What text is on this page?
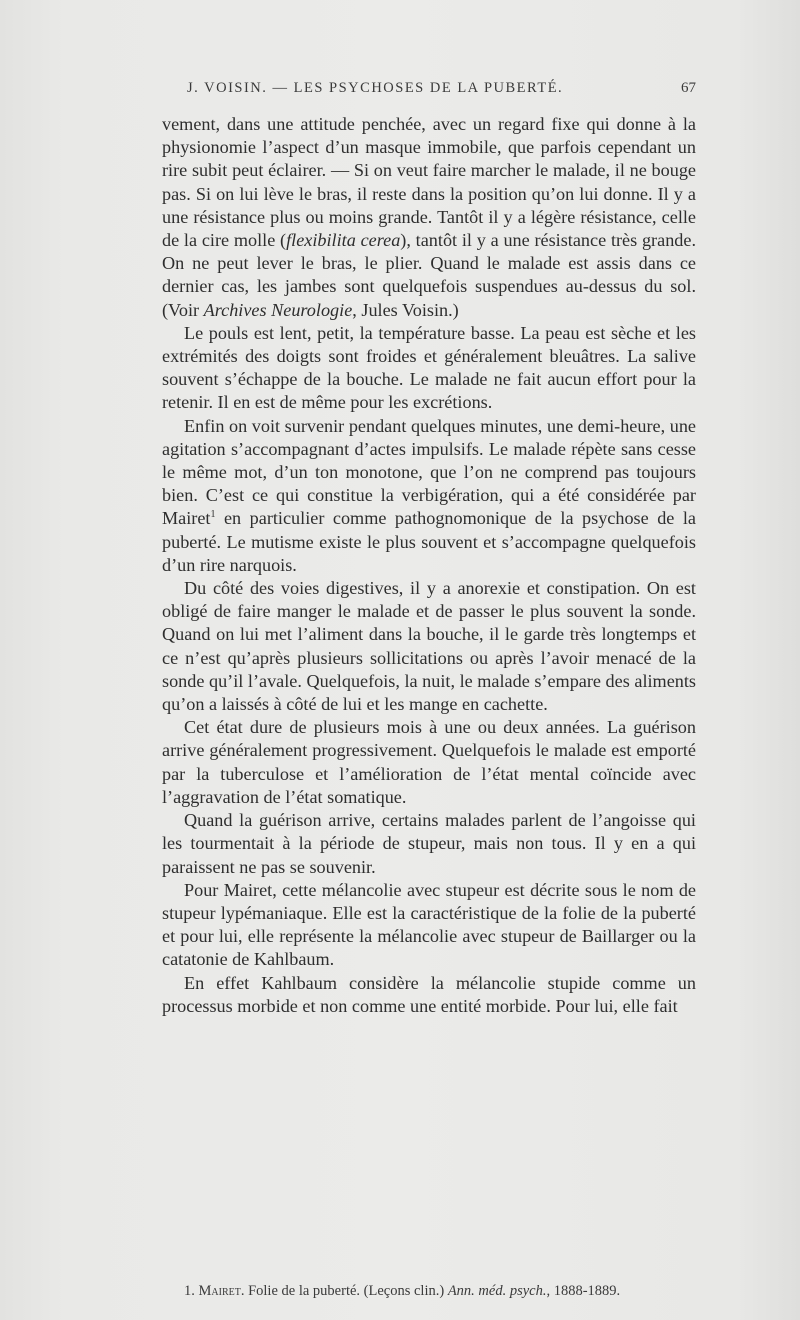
J. VOISIN. — LES PSYCHOSES DE LA PUBERTÉ.	67

vement, dans une attitude penchée, avec un regard fixe qui donne à la physionomie l’aspect d’un masque immobile, que parfois cependant un rire subit peut éclairer. — Si on veut faire marcher le malade, il ne bouge pas. Si on lui lève le bras, il reste dans la position qu’on lui donne. Il y a une résistance plus ou moins grande. Tantôt il y a légère résistance, celle de la cire molle (flexibilita cerea), tantôt il y a une résistance très grande. On ne peut lever le bras, le plier. Quand le malade est assis dans ce dernier cas, les jambes sont quelquefois suspendues au-dessus du sol. (Voir Archives Neurologie, Jules Voisin.)

Le pouls est lent, petit, la température basse. La peau est sèche et les extrémités des doigts sont froides et généralement bleuâtres. La salive souvent s’échappe de la bouche. Le malade ne fait aucun effort pour la retenir. Il en est de même pour les excrétions.

Enfin on voit survenir pendant quelques minutes, une demi-heure, une agitation s’accompagnant d’actes impulsifs. Le malade répète sans cesse le même mot, d’un ton monotone, que l’on ne comprend pas toujours bien. C’est ce qui constitue la verbigération, qui a été considérée par Mairet$^1$ en particulier comme pathognomonique de la psychose de la puberté. Le mutisme existe le plus souvent et s’accompagne quelquefois d’un rire narquois.

Du côté des voies digestives, il y a anorexie et constipation. On est obligé de faire manger le malade et de passer le plus souvent la sonde. Quand on lui met l’aliment dans la bouche, il le garde très longtemps et ce n’est qu’après plusieurs sollicitations ou après l’avoir menacé de la sonde qu’il l’avale. Quelquefois, la nuit, le malade s’empare des aliments qu’on a laissés à côté de lui et les mange en cachette.

Cet état dure de plusieurs mois à une ou deux années. La guérison arrive généralement progressivement. Quelquefois le malade est emporté par la tuberculose et l’amélioration de l’état mental coïncide avec l’aggravation de l’état somatique.

Quand la guérison arrive, certains malades parlent de l’angoisse qui les tourmentait à la période de stupeur, mais non tous. Il y en a qui paraissent ne pas se souvenir.

Pour Mairet, cette mélancolie avec stupeur est décrite sous le nom de stupeur lypémaniaque. Elle est la caractéristique de la folie de la puberté et pour lui, elle représente la mélancolie avec stupeur de Baillarger ou la catatonie de Kahlbaum.

En effet Kahlbaum considère la mélancolie stupide comme un processus morbide et non comme une entité morbide. Pour lui, elle fait

1. Mairet. Folie de la puberté. (Leçons clin.) Ann. méd. psych., 1888-1889.
